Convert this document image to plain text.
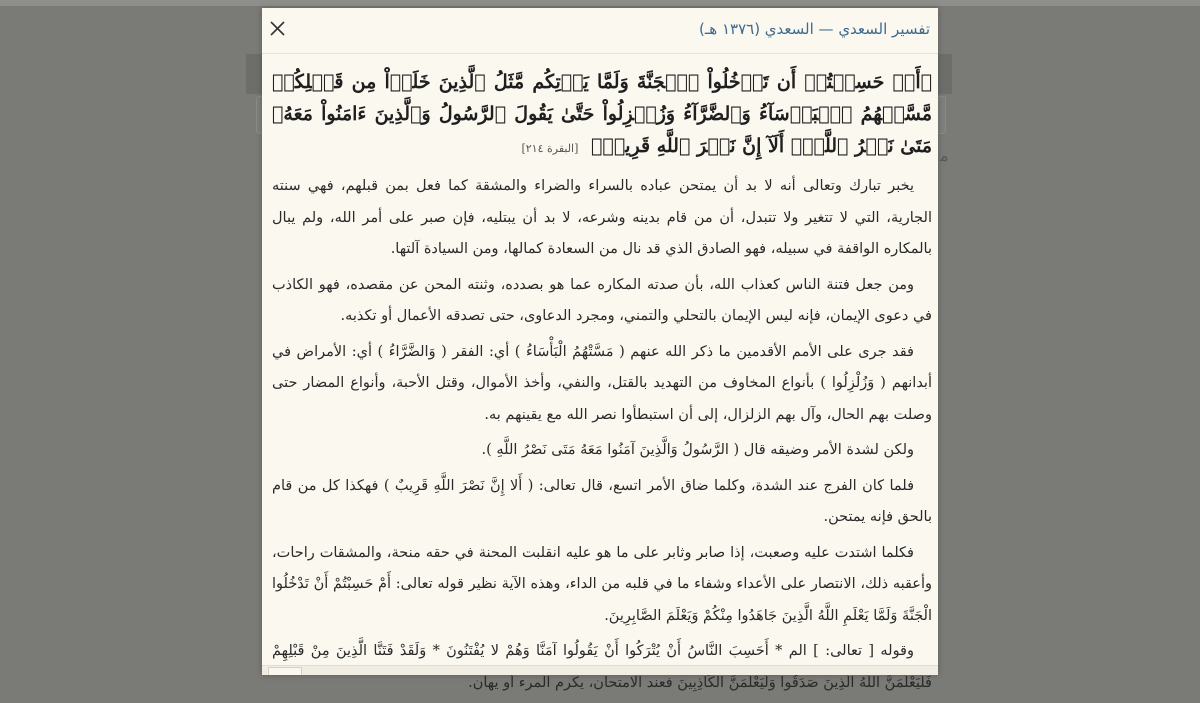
ﻣ
تفسير السعدي — السعدي (١٣٧٦ هـ)

﴿أَمۡ حَسِبۡتُمۡ أَن تَدۡخُلُواْ ٱلۡجَنَّةَ وَلَمَّا يَأۡتِكُم مَّثَلُ ٱلَّذِينَ خَلَوۡاْ مِن قَبۡلِكُمۖ مَّسَّتۡهُمُ ٱلۡبَأۡسَآءُ وَٱلضَّرَّآءُ وَزُلۡزِلُواْ حَتَّىٰ يَقُولَ ٱلرَّسُولُ وَٱلَّذِينَ ءَامَنُواْ مَعَهُۥ مَتَىٰ نَصۡرُ ٱللَّهِۗ أَلَآ إِنَّ نَصۡرَ ٱللَّهِ قَرِيبٞ﴾ [البقرة ٢١٤]

يخبر تبارك وتعالى أنه لا بد أن يمتحن عباده بالسراء والضراء والمشقة كما فعل بمن قبلهم، فهي سنته الجارية، التي لا تتغير ولا تتبدل، أن من قام بدينه وشرعه، لا بد أن يبتليه، فإن صبر على أمر الله، ولم يبال بالمكاره الواقفة في سبيله، فهو الصادق الذي قد نال من السعادة كمالها، ومن السيادة آلتها.

ومن جعل فتنة الناس كعذاب الله، بأن صدته المكاره عما هو بصدده، وثنته المحن عن مقصده، فهو الكاذب في دعوى الإيمان، فإنه ليس الإيمان بالتحلي والتمني، ومجرد الدعاوى، حتى تصدقه الأعمال أو تكذبه.

فقد جرى على الأمم الأقدمين ما ذكر الله عنهم ( مَسَّتْهُمُ الْبَأْسَاءُ ) أي: الفقر ( وَالضَّرَّاءُ ) أي: الأمراض في أبدانهم ( وَزُلْزِلُوا ) بأنواع المخاوف من التهديد بالقتل، والنفي، وأخذ الأموال، وقتل الأحبة، وأنواع المضار حتى وصلت بهم الحال، وآل بهم الزلزال، إلى أن استبطأوا نصر الله مع يقينهم به.

ولكن لشدة الأمر وضيقه قال ( الرَّسُولُ وَالَّذِينَ آمَنُوا مَعَهُ مَتَى نَصْرُ اللَّهِ ).

فلما كان الفرج عند الشدة، وكلما ضاق الأمر اتسع، قال تعالى: ( أَلا إِنَّ نَصْرَ اللَّهِ قَرِيبٌ ) فهكذا كل من قام بالحق فإنه يمتحن.

فكلما اشتدت عليه وصعبت، إذا صابر وثابر على ما هو عليه انقلبت المحنة في حقه منحة، والمشقات راحات، وأعقبه ذلك، الانتصار على الأعداء وشفاء ما في قلبه من الداء، وهذه الآية نظير قوله تعالى: أَمْ حَسِبْتُمْ أَنْ تَدْخُلُوا الْجَنَّةَ وَلَمَّا يَعْلَمِ اللَّهُ الَّذِينَ جَاهَدُوا مِنْكُمْ وَيَعْلَمَ الصَّابِرِينَ.

وقوله [ تعالى: ] الم * أَحَسِبَ النَّاسُ أَنْ يُتْرَكُوا أَنْ يَقُولُوا آمَنَّا وَهُمْ لا يُفْتَنُونَ * وَلَقَدْ فَتَنَّا الَّذِينَ مِنْ قَبْلِهِمْ فَلَيَعْلَمَنَّ اللَّهُ الَّذِينَ صَدَقُوا وَلَيَعْلَمَنَّ الْكَاذِبِينَ فعند الامتحان، يكرم المرء أو يهان.
